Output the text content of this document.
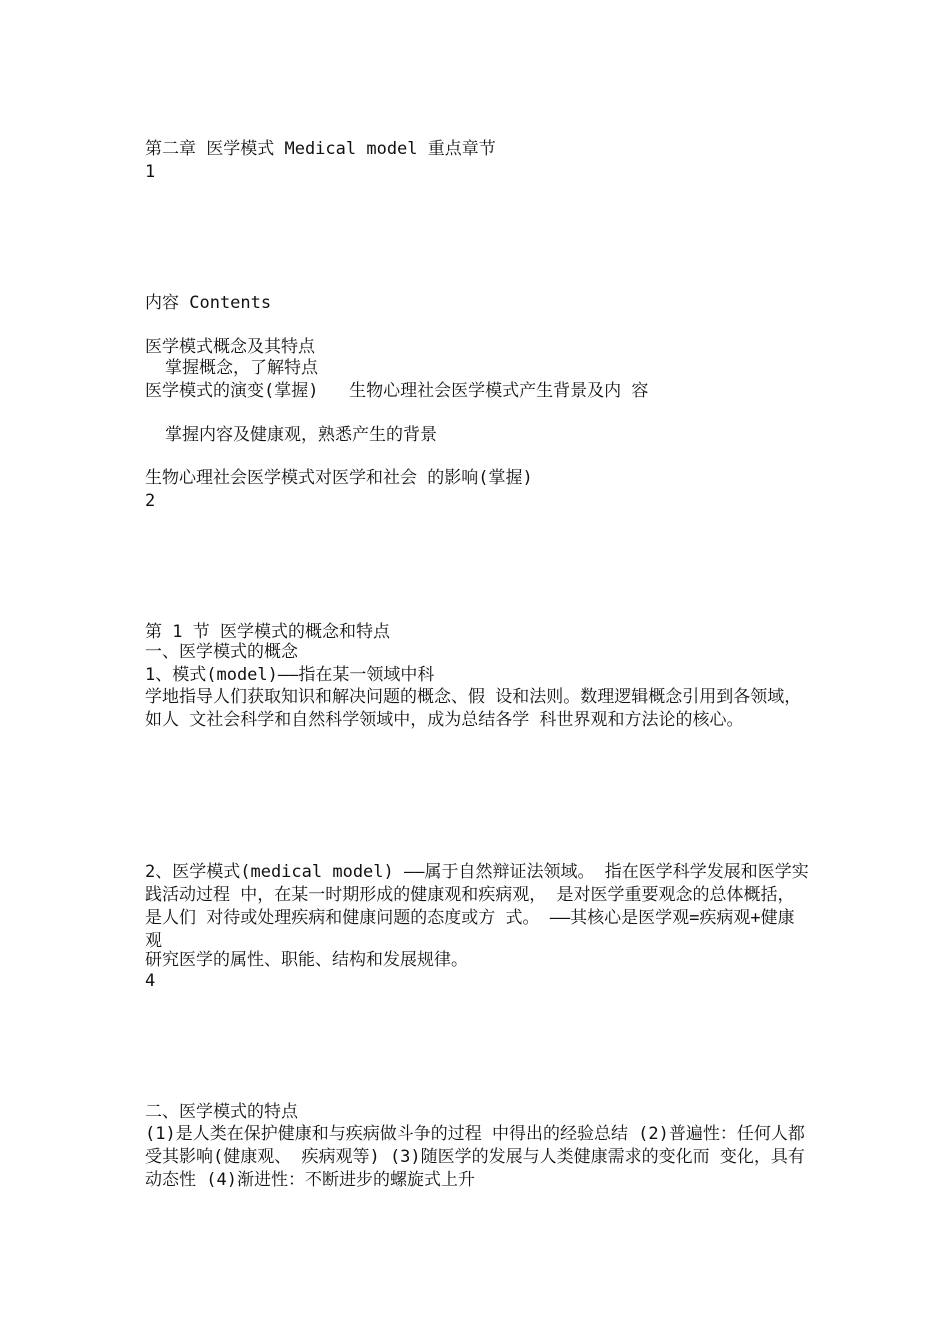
第二章 医学模式 Medical model 重点章节

1

内容 Contents

医学模式概念及其特点

掌握概念，了解特点

医学模式的演变(掌握)   生物心理社会医学模式产生背景及内 容

掌握内容及健康观，熟悉产生的背景

生物心理社会医学模式对医学和社会 的影响(掌握)

2

第 1 节 医学模式的概念和特点

一、医学模式的概念

1、模式(model)——指在某一领域中科

学地指导人们获取知识和解决问题的概念、假 设和法则。数理逻辑概念引用到各领域，如人 文社会科学和自然科学领域中，成为总结各学 科世界观和方法论的核心。

2、医学模式(medical model) ——属于自然辩证法领域。 指在医学科学发展和医学实践活动过程 中，在某一时期形成的健康观和疾病观， 是对医学重要观念的总体概括，是人们 对待或处理疾病和健康问题的态度或方 式。 ——其核心是医学观=疾病观+健康观

研究医学的属性、职能、结构和发展规律。

4

二、医学模式的特点

(1)是人类在保护健康和与疾病做斗争的过程 中得出的经验总结 (2)普遍性：任何人都受其影响(健康观、 疾病观等) (3)随医学的发展与人类健康需求的变化而 变化，具有动态性 (4)渐进性：不断进步的螺旋式上升
